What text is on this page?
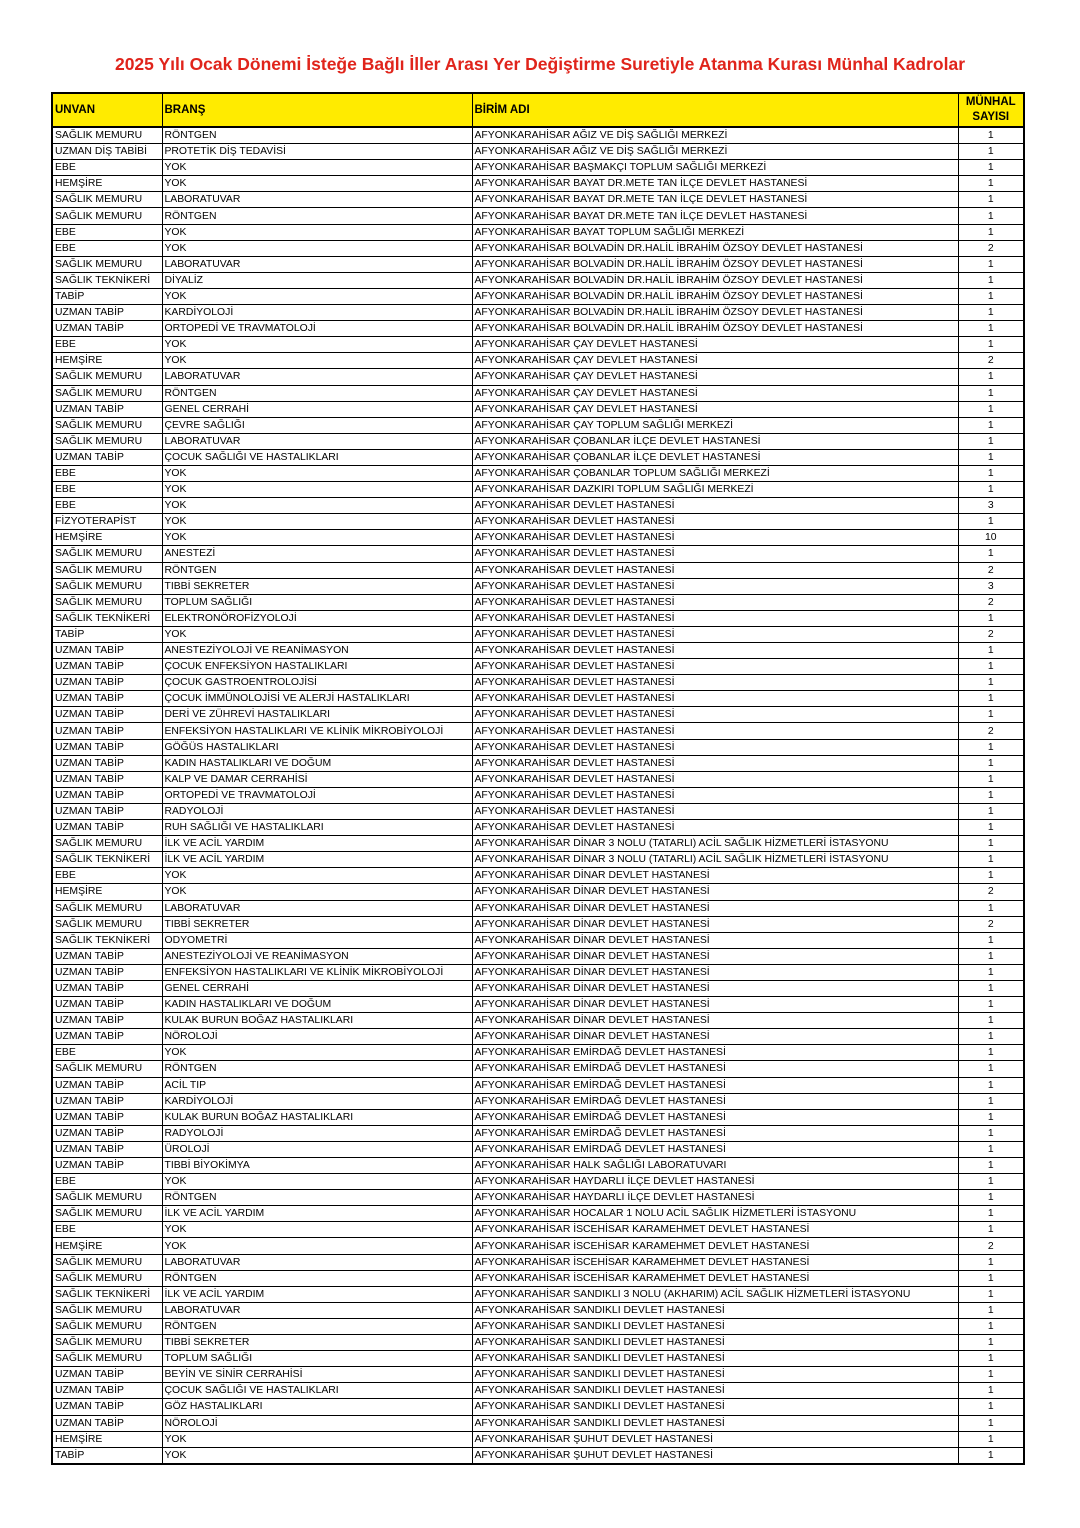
2025 Yılı Ocak Dönemi İsteğe Bağlı İller Arası Yer Değiştirme Suretiyle Atanma Kurası Münhal Kadrolar
UNVAN	BRANŞ	BİRİM ADI	MÜNHAL
SAYISI
SAĞLIK MEMURU	RÖNTGEN	AFYONKARAHİSAR AĞIZ VE DİŞ SAĞLIĞI MERKEZİ	1
UZMAN DİŞ TABİBİ	PROTETİK DİŞ TEDAVİSİ	AFYONKARAHİSAR AĞIZ VE DİŞ SAĞLIĞI MERKEZİ	1
EBE	YOK	AFYONKARAHİSAR BAŞMAKÇI TOPLUM SAĞLIĞI MERKEZİ	1
HEMŞİRE	YOK	AFYONKARAHİSAR BAYAT DR.METE TAN İLÇE DEVLET HASTANESİ	1
SAĞLIK MEMURU	LABORATUVAR	AFYONKARAHİSAR BAYAT DR.METE TAN İLÇE DEVLET HASTANESİ	1
SAĞLIK MEMURU	RÖNTGEN	AFYONKARAHİSAR BAYAT DR.METE TAN İLÇE DEVLET HASTANESİ	1
EBE	YOK	AFYONKARAHİSAR BAYAT TOPLUM SAĞLIĞI MERKEZİ	1
EBE	YOK	AFYONKARAHİSAR BOLVADİN DR.HALİL İBRAHİM ÖZSOY DEVLET HASTANESİ	2
SAĞLIK MEMURU	LABORATUVAR	AFYONKARAHİSAR BOLVADİN DR.HALİL İBRAHİM ÖZSOY DEVLET HASTANESİ	1
SAĞLIK TEKNİKERİ	DİYALİZ	AFYONKARAHİSAR BOLVADİN DR.HALİL İBRAHİM ÖZSOY DEVLET HASTANESİ	1
TABİP	YOK	AFYONKARAHİSAR BOLVADİN DR.HALİL İBRAHİM ÖZSOY DEVLET HASTANESİ	1
UZMAN TABİP	KARDİYOLOJİ	AFYONKARAHİSAR BOLVADİN DR.HALİL İBRAHİM ÖZSOY DEVLET HASTANESİ	1
UZMAN TABİP	ORTOPEDİ VE TRAVMATOLOJİ	AFYONKARAHİSAR BOLVADİN DR.HALİL İBRAHİM ÖZSOY DEVLET HASTANESİ	1
EBE	YOK	AFYONKARAHİSAR ÇAY DEVLET HASTANESİ	1
HEMŞİRE	YOK	AFYONKARAHİSAR ÇAY DEVLET HASTANESİ	2
SAĞLIK MEMURU	LABORATUVAR	AFYONKARAHİSAR ÇAY DEVLET HASTANESİ	1
SAĞLIK MEMURU	RÖNTGEN	AFYONKARAHİSAR ÇAY DEVLET HASTANESİ	1
UZMAN TABİP	GENEL CERRAHİ	AFYONKARAHİSAR ÇAY DEVLET HASTANESİ	1
SAĞLIK MEMURU	ÇEVRE SAĞLIĞI	AFYONKARAHİSAR ÇAY TOPLUM SAĞLIĞI MERKEZİ	1
SAĞLIK MEMURU	LABORATUVAR	AFYONKARAHİSAR ÇOBANLAR İLÇE DEVLET HASTANESİ	1
UZMAN TABİP	ÇOCUK SAĞLIĞI VE HASTALIKLARI	AFYONKARAHİSAR ÇOBANLAR İLÇE DEVLET HASTANESİ	1
EBE	YOK	AFYONKARAHİSAR ÇOBANLAR TOPLUM SAĞLIĞI MERKEZİ	1
EBE	YOK	AFYONKARAHİSAR DAZKIRI TOPLUM SAĞLIĞI MERKEZİ	1
EBE	YOK	AFYONKARAHİSAR DEVLET HASTANESİ	3
FİZYOTERAPİST	YOK	AFYONKARAHİSAR DEVLET HASTANESİ	1
HEMŞİRE	YOK	AFYONKARAHİSAR DEVLET HASTANESİ	10
SAĞLIK MEMURU	ANESTEZİ	AFYONKARAHİSAR DEVLET HASTANESİ	1
SAĞLIK MEMURU	RÖNTGEN	AFYONKARAHİSAR DEVLET HASTANESİ	2
SAĞLIK MEMURU	TIBBİ SEKRETER	AFYONKARAHİSAR DEVLET HASTANESİ	3
SAĞLIK MEMURU	TOPLUM SAĞLIĞI	AFYONKARAHİSAR DEVLET HASTANESİ	2
SAĞLIK TEKNİKERİ	ELEKTRONÖROFİZYOLOJİ	AFYONKARAHİSAR DEVLET HASTANESİ	1
TABİP	YOK	AFYONKARAHİSAR DEVLET HASTANESİ	2
UZMAN TABİP	ANESTEZİYOLOJİ VE REANİMASYON	AFYONKARAHİSAR DEVLET HASTANESİ	1
UZMAN TABİP	ÇOCUK ENFEKSİYON HASTALIKLARI	AFYONKARAHİSAR DEVLET HASTANESİ	1
UZMAN TABİP	ÇOCUK GASTROENTROLOJİSİ	AFYONKARAHİSAR DEVLET HASTANESİ	1
UZMAN TABİP	ÇOCUK İMMÜNOLOJİSİ VE ALERJİ HASTALIKLARI	AFYONKARAHİSAR DEVLET HASTANESİ	1
UZMAN TABİP	DERİ VE ZÜHREVİ HASTALIKLARI	AFYONKARAHİSAR DEVLET HASTANESİ	1
UZMAN TABİP	ENFEKSİYON HASTALIKLARI VE KLİNİK MİKROBİYOLOJİ	AFYONKARAHİSAR DEVLET HASTANESİ	2
UZMAN TABİP	GÖĞÜS HASTALIKLARI	AFYONKARAHİSAR DEVLET HASTANESİ	1
UZMAN TABİP	KADIN HASTALIKLARI VE DOĞUM	AFYONKARAHİSAR DEVLET HASTANESİ	1
UZMAN TABİP	KALP VE DAMAR CERRAHİSİ	AFYONKARAHİSAR DEVLET HASTANESİ	1
UZMAN TABİP	ORTOPEDİ VE TRAVMATOLOJİ	AFYONKARAHİSAR DEVLET HASTANESİ	1
UZMAN TABİP	RADYOLOJİ	AFYONKARAHİSAR DEVLET HASTANESİ	1
UZMAN TABİP	RUH SAĞLIĞI VE HASTALIKLARI	AFYONKARAHİSAR DEVLET HASTANESİ	1
SAĞLIK MEMURU	İLK VE ACİL YARDIM	AFYONKARAHİSAR DİNAR 3 NOLU (TATARLI) ACİL SAĞLIK HİZMETLERİ İSTASYONU	1
SAĞLIK TEKNİKERİ	İLK VE ACİL YARDIM	AFYONKARAHİSAR DİNAR 3 NOLU (TATARLI) ACİL SAĞLIK HİZMETLERİ İSTASYONU	1
EBE	YOK	AFYONKARAHİSAR DİNAR DEVLET HASTANESİ	1
HEMŞİRE	YOK	AFYONKARAHİSAR DİNAR DEVLET HASTANESİ	2
SAĞLIK MEMURU	LABORATUVAR	AFYONKARAHİSAR DİNAR DEVLET HASTANESİ	1
SAĞLIK MEMURU	TIBBİ SEKRETER	AFYONKARAHİSAR DİNAR DEVLET HASTANESİ	2
SAĞLIK TEKNİKERİ	ODYOMETRİ	AFYONKARAHİSAR DİNAR DEVLET HASTANESİ	1
UZMAN TABİP	ANESTEZİYOLOJİ VE REANİMASYON	AFYONKARAHİSAR DİNAR DEVLET HASTANESİ	1
UZMAN TABİP	ENFEKSİYON HASTALIKLARI VE KLİNİK MİKROBİYOLOJİ	AFYONKARAHİSAR DİNAR DEVLET HASTANESİ	1
UZMAN TABİP	GENEL CERRAHİ	AFYONKARAHİSAR DİNAR DEVLET HASTANESİ	1
UZMAN TABİP	KADIN HASTALIKLARI VE DOĞUM	AFYONKARAHİSAR DİNAR DEVLET HASTANESİ	1
UZMAN TABİP	KULAK BURUN BOĞAZ HASTALIKLARI	AFYONKARAHİSAR DİNAR DEVLET HASTANESİ	1
UZMAN TABİP	NÖROLOJİ	AFYONKARAHİSAR DİNAR DEVLET HASTANESİ	1
EBE	YOK	AFYONKARAHİSAR EMİRDAĞ DEVLET HASTANESİ	1
SAĞLIK MEMURU	RÖNTGEN	AFYONKARAHİSAR EMİRDAĞ DEVLET HASTANESİ	1
UZMAN TABİP	ACİL TIP	AFYONKARAHİSAR EMİRDAĞ DEVLET HASTANESİ	1
UZMAN TABİP	KARDİYOLOJİ	AFYONKARAHİSAR EMİRDAĞ DEVLET HASTANESİ	1
UZMAN TABİP	KULAK BURUN BOĞAZ HASTALIKLARI	AFYONKARAHİSAR EMİRDAĞ DEVLET HASTANESİ	1
UZMAN TABİP	RADYOLOJİ	AFYONKARAHİSAR EMİRDAĞ DEVLET HASTANESİ	1
UZMAN TABİP	ÜROLOJİ	AFYONKARAHİSAR EMİRDAĞ DEVLET HASTANESİ	1
UZMAN TABİP	TIBBİ BİYOKİMYA	AFYONKARAHİSAR HALK SAĞLIĞI LABORATUVARI	1
EBE	YOK	AFYONKARAHİSAR HAYDARLI İLÇE DEVLET HASTANESİ	1
SAĞLIK MEMURU	RÖNTGEN	AFYONKARAHİSAR HAYDARLI İLÇE DEVLET HASTANESİ	1
SAĞLIK MEMURU	İLK VE ACİL YARDIM	AFYONKARAHİSAR HOCALAR 1 NOLU ACİL SAĞLIK HİZMETLERİ İSTASYONU	1
EBE	YOK	AFYONKARAHİSAR İSCEHİSAR KARAMEHMET DEVLET HASTANESİ	1
HEMŞİRE	YOK	AFYONKARAHİSAR İSCEHİSAR KARAMEHMET DEVLET HASTANESİ	2
SAĞLIK MEMURU	LABORATUVAR	AFYONKARAHİSAR İSCEHİSAR KARAMEHMET DEVLET HASTANESİ	1
SAĞLIK MEMURU	RÖNTGEN	AFYONKARAHİSAR İSCEHİSAR KARAMEHMET DEVLET HASTANESİ	1
SAĞLIK TEKNİKERİ	İLK VE ACİL YARDIM	AFYONKARAHİSAR SANDIKLI 3 NOLU (AKHARIM) ACİL SAĞLIK HİZMETLERİ İSTASYONU	1
SAĞLIK MEMURU	LABORATUVAR	AFYONKARAHİSAR SANDIKLI DEVLET HASTANESİ	1
SAĞLIK MEMURU	RÖNTGEN	AFYONKARAHİSAR SANDIKLI DEVLET HASTANESİ	1
SAĞLIK MEMURU	TIBBİ SEKRETER	AFYONKARAHİSAR SANDIKLI DEVLET HASTANESİ	1
SAĞLIK MEMURU	TOPLUM SAĞLIĞI	AFYONKARAHİSAR SANDIKLI DEVLET HASTANESİ	1
UZMAN TABİP	BEYİN VE SİNİR CERRAHİSİ	AFYONKARAHİSAR SANDIKLI DEVLET HASTANESİ	1
UZMAN TABİP	ÇOCUK SAĞLIĞI VE HASTALIKLARI	AFYONKARAHİSAR SANDIKLI DEVLET HASTANESİ	1
UZMAN TABİP	GÖZ HASTALIKLARI	AFYONKARAHİSAR SANDIKLI DEVLET HASTANESİ	1
UZMAN TABİP	NÖROLOJİ	AFYONKARAHİSAR SANDIKLI DEVLET HASTANESİ	1
HEMŞİRE	YOK	AFYONKARAHİSAR ŞUHUT DEVLET HASTANESİ	1
TABİP	YOK	AFYONKARAHİSAR ŞUHUT DEVLET HASTANESİ	1
